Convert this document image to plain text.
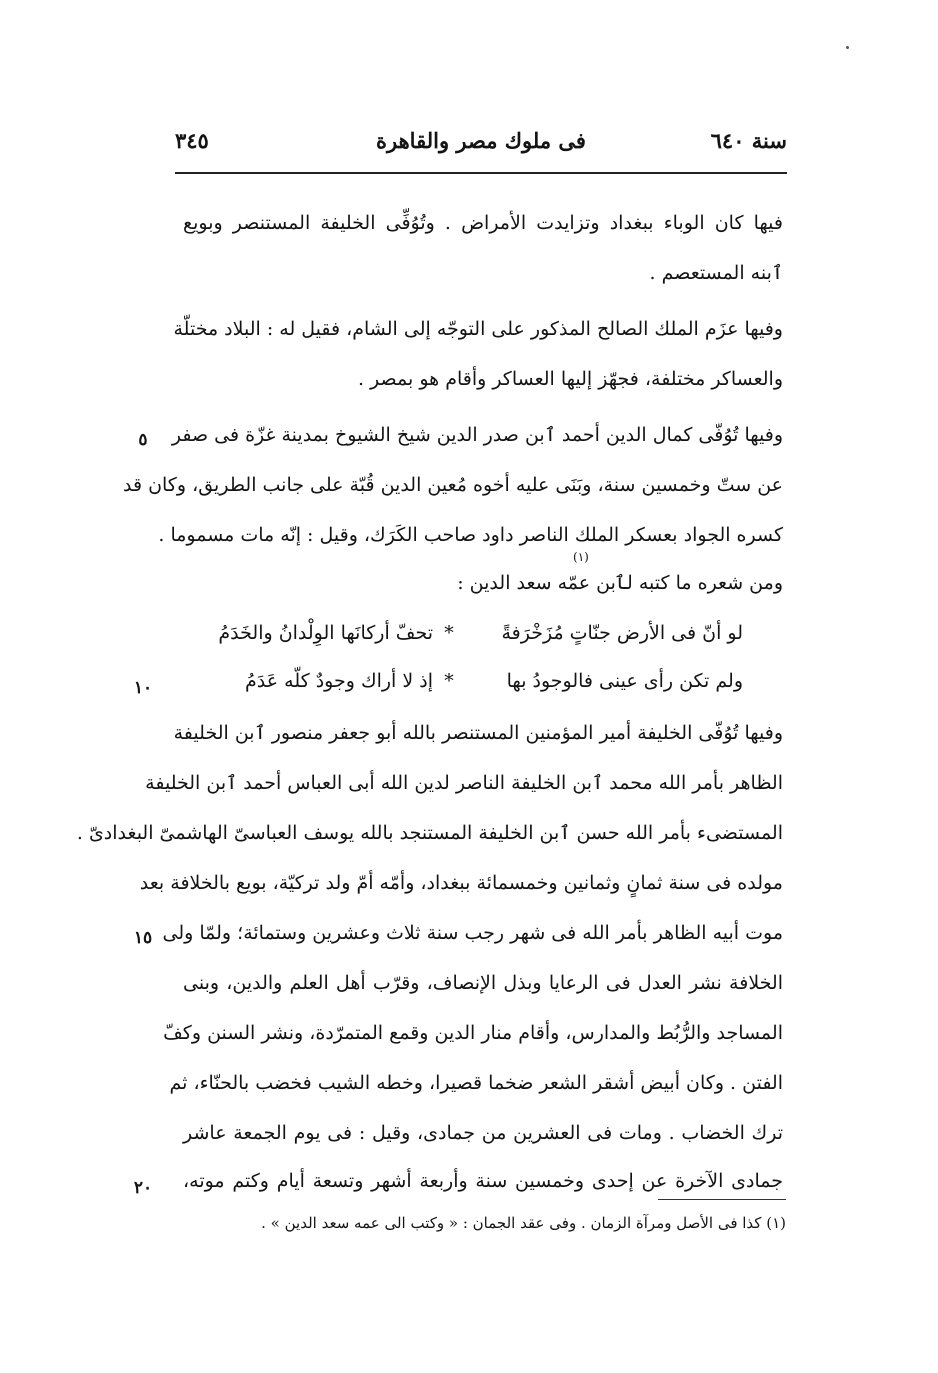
سنة ٦٤٠
فى ملوك مصر والقاهرة
٣٤٥
فيها كان الوباء ببغداد وتزايدت الأمراض . وتُوُفِّى الخليفة المستنصر وبويع
ٱبنه المستعصم .
وفيها عزَم الملك الصالح المذكور على التوجّه إلى الشام، فقيل له : البلاد مختلّة
والعساكر مختلفة، فجهّز إليها العساكر وأقام هو بمصر .
وفيها تُوُفّى كمال الدين أحمد ٱبن صدر الدين شيخ الشيوخ بمدينة غزّة فى صفر
عن ستّ وخمسين سنة، وبَنَى عليه أخوه مُعين الدين قُبّة على جانب الطريق، وكان قد
كسره الجواد بعسكر الملك الناصر داود صاحب الكَرَك، وقيل : إنّه مات مسموما .
ومن شعره ما كتبه لٱبن عمّه سعد الدين :
(١)
لو أنّ فى الأرض جنّاتٍ مُزَخْرَفةً
*
تحفّ أركانَها الوِلْدانُ والخَدَمُ
ولم تكن رأى عينى فالوجودُ بها
*
إذ لا أراك وجودٌ كلّه عَدَمُ
وفيها تُوُفّى الخليفة أمير المؤمنين المستنصر بالله أبو جعفر منصور ٱبن الخليفة
الظاهر بأمر الله محمد ٱبن الخليفة الناصر لدين الله أبى العباس أحمد ٱبن الخليفة
المستضىء بأمر الله حسن ٱبن الخليفة المستنجد بالله يوسف العباسىّ الهاشمىّ البغدادىّ .
مولده فى سنة ثمانٍ وثمانين وخمسمائة ببغداد، وأمّه أمّ ولد تركيّة، بويع بالخلافة بعد
موت أبيه الظاهر بأمر الله فى شهر رجب سنة ثلاث وعشرين وستمائة؛ ولمّا ولى
الخلافة نشر العدل فى الرعايا وبذل الإنصاف، وقرّب أهل العلم والدين، وبنى
المساجد والرُّبُط والمدارس، وأقام منار الدين وقمع المتمرّدة، ونشر السنن وكفّ
الفتن . وكان أبيض أشقر الشعر ضخما قصيرا، وخطه الشيب فخضب بالحنّاء، ثم
ترك الخضاب . ومات فى العشرين من جمادى، وقيل : فى يوم الجمعة عاشر
جمادى الآخرة عن إحدى وخمسين سنة وأربعة أشهر وتسعة أيام وكتم موته،
٥
١٠
١٥
٢٠
(١) كذا فى الأصل ومرآة الزمان . وفى عقد الجمان : « وكتب الى عمه سعد الدين » .
